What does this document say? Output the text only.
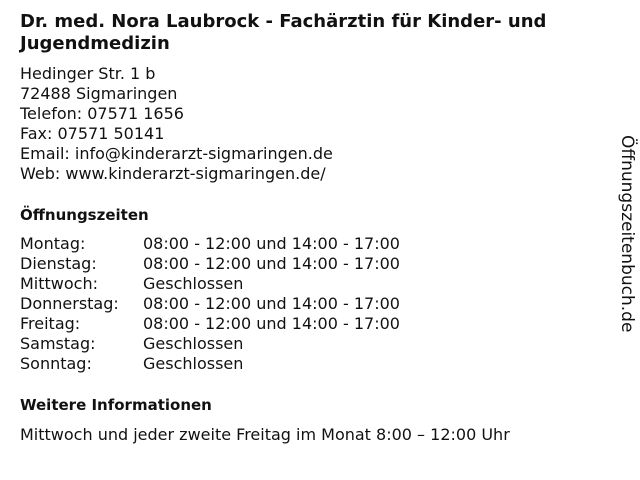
Dr. med. Nora Laubrock - Fachärztin für Kinder- und Jugendmedizin
Hedinger Str. 1 b
72488 Sigmaringen
Telefon: 07571 1656
Fax: 07571 50141
Email: info@kinderarzt-sigmaringen.de
Web: www.kinderarzt-sigmaringen.de/
Öffnungszeiten
Montag:	08:00 - 12:00 und 14:00 - 17:00
Dienstag:	08:00 - 12:00 und 14:00 - 17:00
Mittwoch:	Geschlossen
Donnerstag: 08:00 - 12:00 und 14:00 - 17:00
Freitag:	08:00 - 12:00 und 14:00 - 17:00
Samstag:	Geschlossen
Sonntag:	Geschlossen
Weitere Informationen
Mittwoch und jeder zweite Freitag im Monat 8:00 – 12:00 Uhr
Öffnungszeitenbuch.de
